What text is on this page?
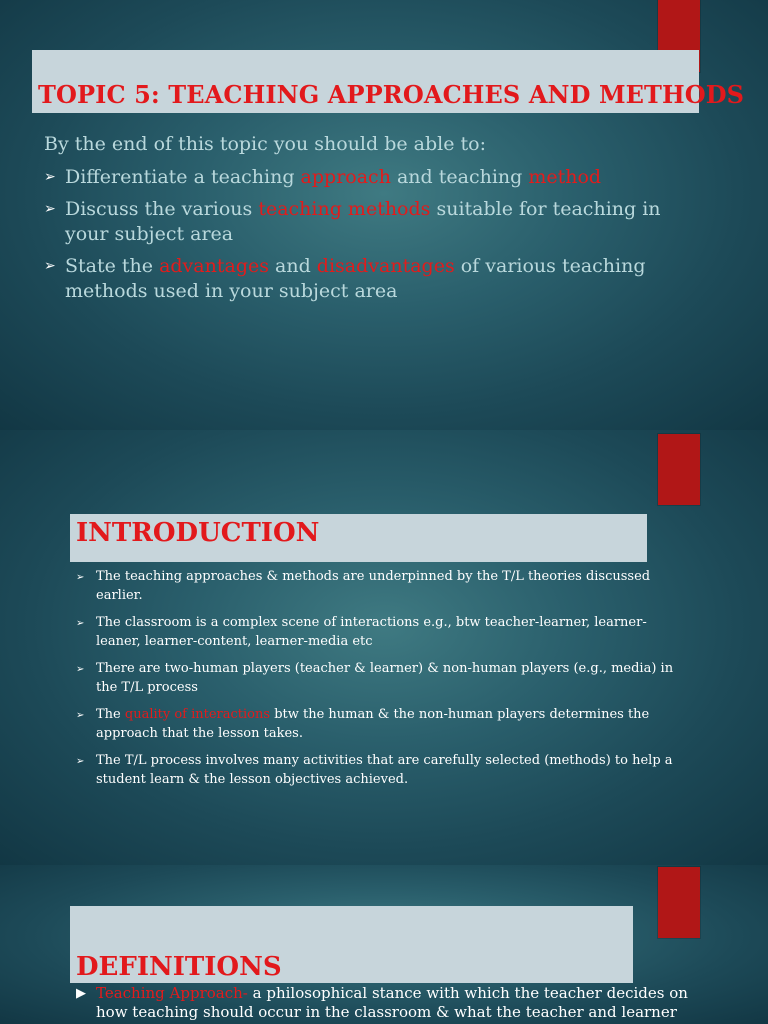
TOPIC 5: TEACHING APPROACHES AND METHODS
By the end of this topic you should be able to:
➢ Differentiate a teaching approach and teaching method
➢ Discuss the various teaching methods suitable for teaching in your subject area
➢ State the advantages and disadvantages of various teaching methods used in your subject area
INTRODUCTION
➢ The teaching approaches & methods are underpinned by the T/L theories discussed earlier.
➢ The classroom is a complex scene of interactions e.g., btw teacher-learner, learner-leaner, learner-content, learner-media etc
➢ There are two-human players (teacher & learner) & non-human players (e.g., media) in the T/L process
➢ The quality of interactions btw the human & the non-human players determines the approach that the lesson takes.
➢ The T/L process involves many activities that are carefully selected (methods) to help a student learn & the lesson objectives achieved.
DEFINITIONS
▶ Teaching Approach- a philosophical stance with which the teacher decides on how teaching should occur in the classroom & what the teacher and learner
